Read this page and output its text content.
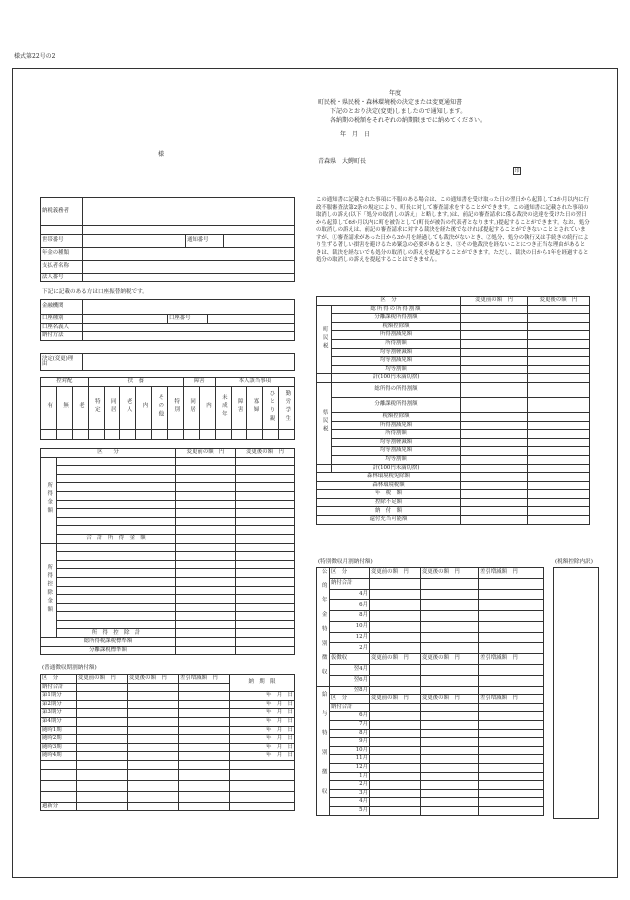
様式第22号の2
年度
町民税・県民税・森林環境税の決定または変更通知書
下記のとおり決定(変更)しましたので通知します。
各納期の税額をそれぞれの納期限までに納めてください。
年　月　日
様
青森県　大鰐町長
印
納税義務者			

世帯番号		通知番号	
年金の種類			
支払者名称			
法人番号			
下記に記載のある方は口座振替納税です。
金融機関			
口座種別		口座番号	
口座名義人			
納付方法			
決定(変更)理　　由	
控対配			扶　養						障害		本人該当事項				
有	無	老	特定	同居	老人	内	その他	特別	同居	内	未成年	障害	寡婦	ひとり親	勤労学生

区　　分		変更前の額　円	変更後の額　円
所得金額			

	合　計　所　得　金　額		
所得控除金額			

	所　得　控　除　計		
総所得税課税標準額			
分離課税標準額			
(普通徴収期割納付額)
区　分	変更前の額　円	変更後の額　円	差引増減額　円	納　期　限
納付合計				
第1期分				年　月　日
第2期分				年　月　日
第3期分				年　月　日
第4期分				年　月　日
随時1期				年　月　日
随時2期				年　月　日
随時3期				年　月　日
随時4期				年　月　日

過新分				
この通知書に記載された事項に不服のある場合は、この通知書を受け取った日の翌日から起算して3か月以内に行政不服審査法第2条の規定により、町長に対して審査請求をすることができます。この通知書に記載された事項の取消しの訴え(以下「処分の取消しの訴え」と略します。)は、前記の審査請求に係る裁決の送達を受けた日の翌日から起算して6か月以内に町を被告として(町長が被告の代表者となります。)提起することができます。なお、処分の取消しの訴えは、前記の審査請求に対する裁決を経た後でなければ提起することができないこととされていますが、①審査請求があった日から3か月を経過しても裁決がないとき、②処分、処分の執行又は手続きの続行により生ずる著しい損害を避けるため緊急の必要があるとき、③その他裁決を経ないことにつき正当な理由があるときは、裁決を経ないでも処分の取消しの訴えを提起することができます。ただし、裁決の日から1年を経過すると処分の取消しの訴えを提起することはできません。
区　分		変更前の額　円	変更後の額　円
町民税	総所得の所得割額		
	分離課税所得割額		
	税額控除額		
	所得割減免額		
	所得割額		
	均等割軽減額		
	均等割減免額		
	均等割額		
	計(100円未満切捨)		
県民税	総所得の所得割額		
	分離課税所得割額		
	税額控除額		
	所得割減免額		
	所得割額		
	均等割軽減額		
	均等割減免額		
	均等割額		
	計(100円未満切捨)		
森林環境税免除額			
森林環境税額			
年　税　額			
控除不足額			
納　付　額			
還付充当可能額			
(特別徴収月割納付額)	(税額控除内訳)
公的年金特別徴収	区　分	変更前の額　円	変更後の額　円	差引増減額　円
	納付合計			
	4月			
	6月			
	8月			
	10月			
	12月			
	2月			
	仮徴収	変更前の額　円	変更後の額　円	差引増減額　円
	翌4月			
	翌6月			
給与特別徴収	翌8月			
	区　分	変更前の額　円	変更後の額　円	差引増減額　円
	納付合計			
	6月			
	7月			
	8月			
	9月			
	10月			
	11月			
	12月			
	1月			
	2月			
	3月			
	4月			
	5月			
